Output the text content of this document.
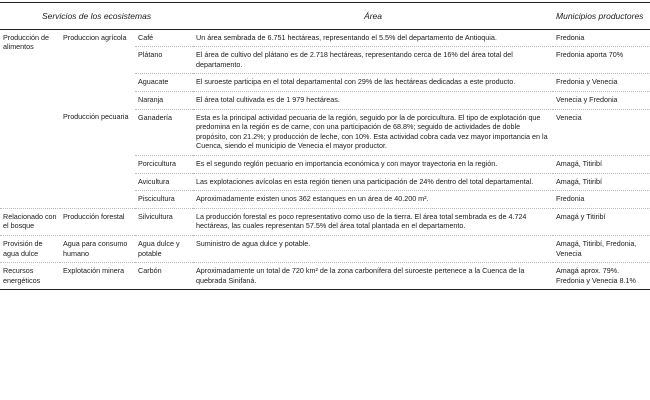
Servicios de los ecosistemas			Área	Municipios productores
Producción de alimentos	Produccion agrícola	Café	Un área sembrada de 6.751 hectáreas, representando el 5.5% del departamento de Antioquia.	Fredonia
		Plátano	El área de cultivo del plátano es de 2.718 hectáreas, representando cerca de 16% del área total del departamento.	Fredonia aporta 70%
		Aguacate	El suroeste participa en el total departamental con 29% de las hectáreas dedicadas a este producto.	Fredonia y Venecia
		Naranja	El área total cultivada es de 1 979 hectáreas.	Venecia y Fredonia
	Producción pecuaria	Ganadería	Esta es la principal actividad pecuaria de la región, seguido por la de porcicultura. El tipo de explotación que predomina en la región es de carne, con una participación de 68.8%; seguido de actividades de doble propósito, con 21.2%; y producción de leche, con 10%. Esta actividad cobra cada vez mayor importancia en la Cuenca, siendo el municipio de Venecia el mayor productor.	Venecia
		Porcicultura	Es el segundo reglón pecuario en importancia económica y con mayor trayectoria en la región.	Amagá, Titiribí
		Avicultura	Las explotaciones avícolas en esta región tienen una participación de 24% dentro del total departamental.	Amagá, Titiribí
		Piscicultura	Aproximadamente existen unos 362 estanques en un área de 40.200 m².	Fredonia
Relacionado con el bosque	Producción forestal	Silvicultura	La producción forestal es poco representativo como uso de la tierra. El área total sembrada es de 4.724 hectáreas, las cuales representan 57.5% del área total plantada en el departamento.	Amagá y Titiribí
Provisión de agua dulce	Agua para consumo humano	Agua dulce y potable	Suministro de agua dulce y potable.	Amagá, Titiribí, Fredonia, Venecia
Recursos energéticos	Explotación minera	Carbón	Aproximadamente un total de 720 km² de la zona carbonífera del suroeste pertenece a la Cuenca de la quebrada Sinifaná.	Amagá aprox. 79%. Fredonia y Venecia 8.1%
